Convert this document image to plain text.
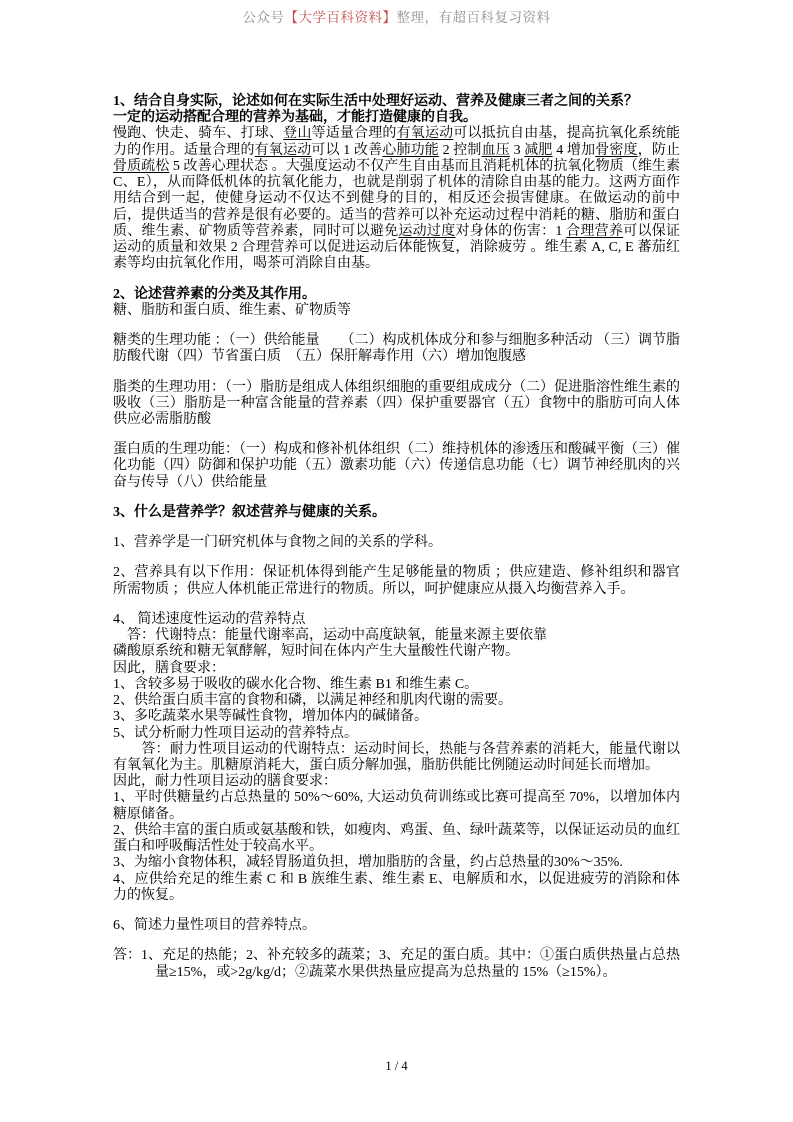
公众号【大学百科资料】整理，有超百科复习资料
1、结合自身实际，论述如何在实际生活中处理好运动、营养及健康三者之间的关系？
一定的运动搭配合理的营养为基础，才能打造健康的自我。
慢跑、快走、骑车、打球、登山等适量合理的有氧运动可以抵抗自由基，提高抗氧化系统能力的作用。适量合理的有氧运动可以 1 改善心肺功能 2 控制血压 3 减肥 4 增加骨密度，防止骨质疏松 5 改善心理状态 。大强度运动不仅产生自由基而且消耗机体的抗氧化物质（维生素 C、E），从而降低机体的抗氧化能力，也就是削弱了机体的清除自由基的能力。这两方面作用结合到一起，使健身运动不仅达不到健身的目的，相反还会损害健康。在做运动的前中后，提供适当的营养是很有必要的。适当的营养可以补充运动过程中消耗的糖、脂肪和蛋白质、维生素、矿物质等营养素，同时可以避免运动过度对身体的伤害：1 合理营养可以保证运动的质量和效果 2 合理营养可以促进运动后体能恢复，消除疲劳 。维生素 A, C, E 蕃茄红素等均由抗氧化作用，喝茶可消除自由基。
2、论述营养素的分类及其作用。
糖、脂肪和蛋白质、维生素、矿物质等
糖类的生理功能 ：（一）供给能量　　（二）构成机体成分和参与细胞多种活动 （三）调节脂肪酸代谢（四）节省蛋白质　（五）保肝解毒作用（六）增加饱腹感
脂类的生理功用：（一）脂肪是组成人体组织细胞的重要组成成分（二）促进脂溶性维生素的吸收（三）脂肪是一种富含能量的营养素（四）保护重要器官（五）食物中的脂肪可向人体供应必需脂肪酸
蛋白质的生理功能：（一）构成和修补机体组织（二）维持机体的渗透压和酸碱平衡（三）催化功能（四）防御和保护功能（五）激素功能（六）传递信息功能（七）调节神经肌肉的兴奋与传导（八）供给能量
3、什么是营养学？叙述营养与健康的关系。
1、营养学是一门研究机体与食物之间的关系的学科。
2、营养具有以下作用：保证机体得到能产生足够能量的物质 ；供应建造、修补组织和器官所需物质 ；供应人体机能正常进行的物质。所以，呵护健康应从摄入均衡营养入手。
4、 简述速度性运动的营养特点
　答：代谢特点：能量代谢率高，运动中高度缺氧，能量来源主要依靠
磷酸原系统和糖无氧酵解，短时间在体内产生大量酸性代谢产物。
因此，膳食要求：
1、含较多易于吸收的碳水化合物、维生素 B1 和维生素 C。
2、供给蛋白质丰富的食物和磷，以满足神经和肌肉代谢的需要。
3、多吃蔬菜水果等碱性食物，增加体内的碱储备。
5、试分析耐力性项目运动的营养特点。
　　答：耐力性项目运动的代谢特点：运动时间长，热能与各营养素的消耗大，能量代谢以有氧氧化为主。肌糖原消耗大，蛋白质分解加强，脂肪供能比例随运动时间延长而增加。
因此，耐力性项目运动的膳食要求：
1、平时供糖量约占总热量的 50%～60%, 大运动负荷训练或比赛可提高至 70%，以增加体内糖原储备。
2、供给丰富的蛋白质或氨基酸和铁，如瘦肉、鸡蛋、鱼、绿叶蔬菜等，以保证运动员的血红蛋白和呼吸酶活性处于较高水平。
3、为缩小食物体积，减轻胃肠道负担，增加脂肪的含量，约占总热量的30%～35%.
4、应供给充足的维生素 C 和 B 族维生素、维生素 E、电解质和水，以促进疲劳的消除和体力的恢复。
6、简述力量性项目的营养特点。
答：1、充足的热能；2、补充较多的蔬菜；3、充足的蛋白质。其中：①蛋白质供热量占总热量≥15%，或>2g/kg/d；②蔬菜水果供热量应提高为总热量的 15%（≥15%）。
1 / 4
